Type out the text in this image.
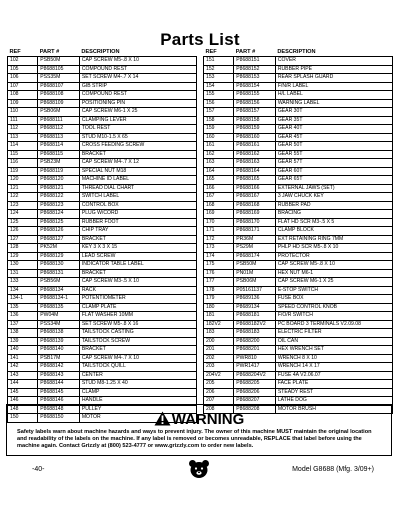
Parts List
REF	PART #	DESCRIPTION
102	PSB50M	CAP SCREW M5-.8 X 10
105	P8688105	COMPOUND REST
106	PSS35M	SET SCREW M4-.7 X 14
107	P8688107	GIB STRIP
108	P8688108	COMPOUND REST
109	P8688109	POSITIONING PIN
110	PSB06M	CAP SCREW M6-1 X 25
111	P8688111	CLAMPING LEVER
112	P8688112	TOOL REST
113	P8688113	STUD M10-1.5 X 65
114	P8688114	CROSS FEEDING SCREW
115	P8688115	BRACKET
116	PSB23M	CAP SCREW M4-.7 X 12
119	P8688119	SPECIAL NUT M18
120	P8688120	MACHINE ID LABEL
121	P8688121	THREAD DIAL CHART
122	P8688122	SWITCH LABEL
123	P8688123	CONTROL BOX
124	P8688124	PLUG W/CORD
125	P8688125	RUBBER FOOT
126	P8688126	CHIP TRAY
127	P8688127	BRACKET
128	PK52M	KEY 3 X 3 X 15
129	P8688129	LEAD SCREW
130	P8688130	INDICATOR TABLE LABEL
131	P8688131	BRACKET
133	PSB56M	CAP SCREW M3-.5 X 10
134	P8688134	RACK
134-1	P8688134-1	POTENTIOMETER
135	P8688135	CLAMP PLATE
136	PW04M	FLAT WASHER 10MM
137	PSS34M	SET SCREW M5-.8 X 16
138	P8688138	TAILSTOCK CASTING
139	P8688139	TAILSTOCK SCREW
140	P8688140	BRACKET
141	PSB17M	CAP SCREW M4-.7 X 10
142	P8688142	TAILSTOCK QUILL
143	P8688143	CENTER
144	P8688144	STUD M8-1.25 X 40
145	P8688145	CLAMP
146	P8688146	HANDLE
148	P8688148	PULLEY
150	P8688150	MOTOR
REF	PART #	DESCRIPTION
151	P8688151	COVER
152	P8688152	RUBBER PIPE
153	P8688153	REAR SPLASH GUARD
154	P8688154	F/N/R LABEL
155	P8688155	H/L LABEL
156	P8688156	WARNING LABEL
157	P8688157	GEAR 30T
158	P8688158	GEAR 35T
159	P8688159	GEAR 40T
160	P8688160	GEAR 45T
161	P8688161	GEAR 50T
162	P8688162	GEAR 55T
163	P8688163	GEAR 57T
164	P8688164	GEAR 60T
165	P8688165	GEAR 65T
166	P8688166	EXTERNAL JAWS (SET)
167	P8688167	3 JAW CHUCK KEY
168	P8688168	RUBBER PAD
169	P8688169	BRACING
170	P8688170	FLAT HD SCR M3-.5 X 5
171	P8688171	CLAMP BLOCK
172	PR36M	EXT RETAINING RING 7MM
173	PS29M	PHLP HD SCR M5-.8 X 10
174	P8688174	PROTECTOR
175	PSB50M	CAP SCREW M5-.8 X 10
176	PN01M	HEX NUT M6-1
177	PSB06M	CAP SCREW M6-1 X 25
178	P05161137	E-STOP SWITCH
179	P8689136	FUSE BOX
180	P8689134	SPEED CONTROL KNOB
181	P8688181	F/O/R SWITCH
182V2	P8688182V2	PC BOARD 3 TERMINALS V2.09.08
183	P8688183	ELECTRIC FILTER
200	P8688200	OIL CAN
201	P8688201	HEX WRENCH SET
202	PWR810	WRENCH 8 X 10
203	PWR1417	WRENCH 14 X 17
204V2	P8688204V2	FUSE 4A V2.06.07
205	P8688205	FACE PLATE
206	P8688206	STEADY REST
207	P8688207	LATHE DOG
208	P8688208	MOTOR BRUSH
WARNING
Safety labels warn about machine hazards and ways to prevent injury. The owner of this machine MUST maintain the original location and readability of the labels on the machine. If any label is removed or becomes unreadable, REPLACE that label before using the machine again. Contact Grizzly at (800) 523-4777 or www.grizzly.com to order new labels.
-40-	Model G8688 (Mfg. 3/09+)
